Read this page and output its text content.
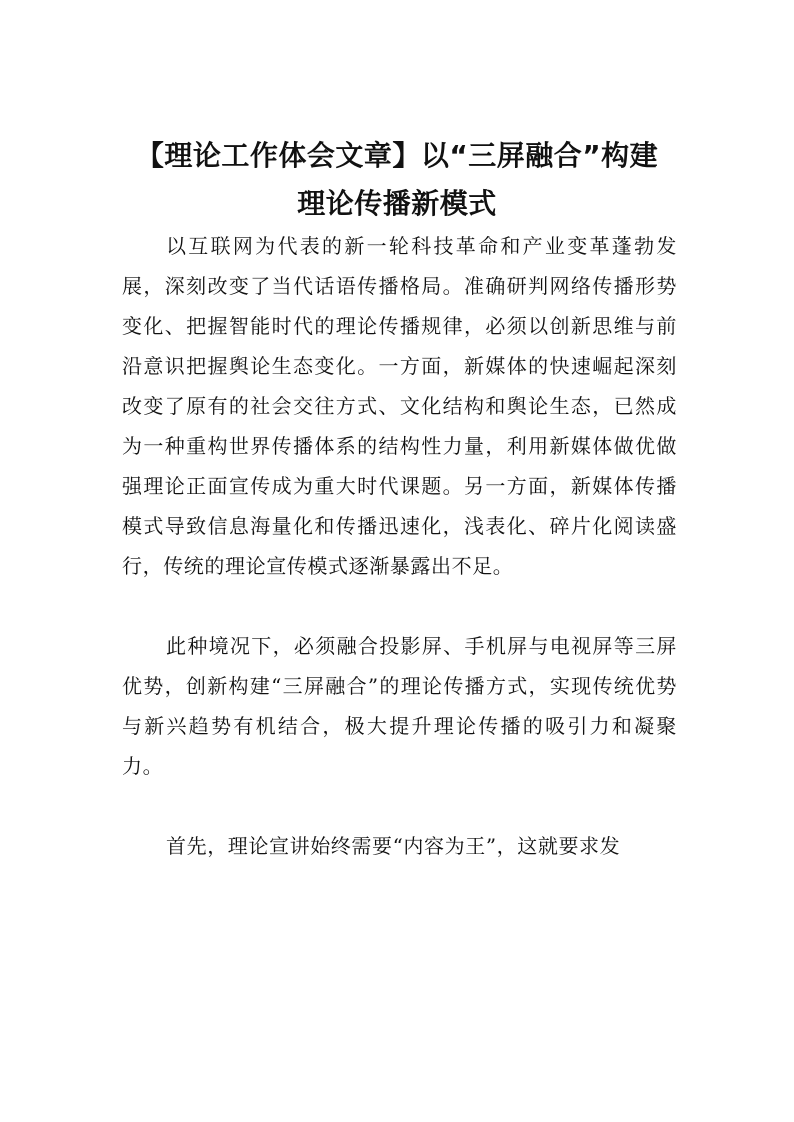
【理论工作体会文章】以“三屏融合”构建
理论传播新模式

以互联网为代表的新一轮科技革命和产业变革蓬勃发展，深刻改变了当代话语传播格局。准确研判网络传播形势变化、把握智能时代的理论传播规律，必须以创新思维与前沿意识把握舆论生态变化。一方面，新媒体的快速崛起深刻改变了原有的社会交往方式、文化结构和舆论生态，已然成为一种重构世界传播体系的结构性力量，利用新媒体做优做强理论正面宣传成为重大时代课题。另一方面，新媒体传播模式导致信息海量化和传播迅速化，浅表化、碎片化阅读盛行，传统的理论宣传模式逐渐暴露出不足。

此种境况下，必须融合投影屏、手机屏与电视屏等三屏优势，创新构建“三屏融合”的理论传播方式，实现传统优势与新兴趋势有机结合，极大提升理论传播的吸引力和凝聚力。

首先，理论宣讲始终需要“内容为王”，这就要求发
